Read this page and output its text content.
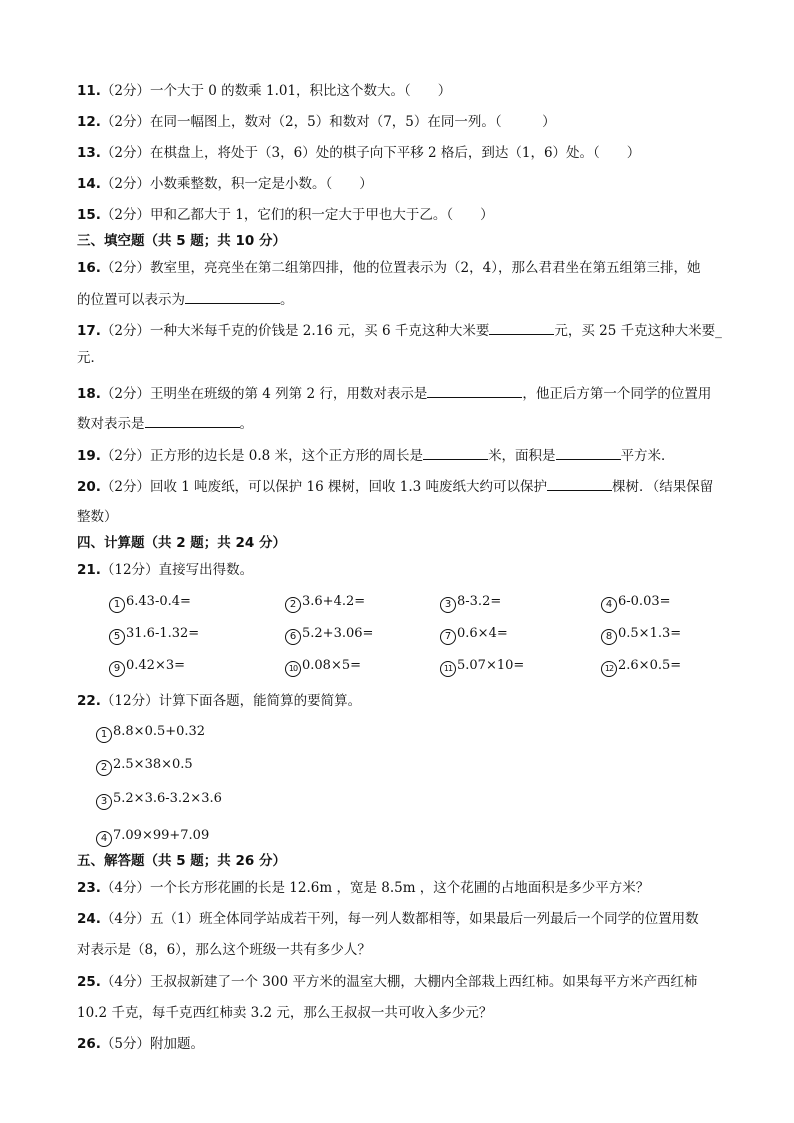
11.（2分）一个大于 0 的数乘 1.01，积比这个数大。（　　）
12.（2分）在同一幅图上，数对（2，5）和数对（7，5）在同一列。（　　　）
13.（2分）在棋盘上，将处于（3，6）处的棋子向下平移 2 格后，到达（1，6）处。（　　）
14.（2分）小数乘整数，积一定是小数。（　　）
15.（2分）甲和乙都大于 1，它们的积一定大于甲也大于乙。（　　）
三、填空题（共 5 题；共 10 分）
16.（2分）教室里，亮亮坐在第二组第四排，他的位置表示为（2，4），那么君君坐在第五组第三排，她
的位置可以表示为	。
17.（2分）一种大米每千克的价钱是 2.16 元，买 6 千克这种大米要	元，买 25 千克这种大米要_
元．
18.（2分）王明坐在班级的第 4 列第 2 行，用数对表示是	，他正后方第一个同学的位置用
数对表示是	。
19.（2分）正方形的边长是 0.8 米，这个正方形的周长是	米，面积是	平方米．
20.（2分）回收 1 吨废纸，可以保护 16 棵树，回收 1.3 吨废纸大约可以保护	棵树．（结果保留
整数）
四、计算题（共 2 题；共 24 分）
21.（12分）直接写出得数。
1 6.43-0.4=	2 3.6+4.2=	3 8-3.2=	4 6-0.03=
5 31.6-1.32=	6 5.2+3.06=	7 0.6×4=	8 0.5×1.3=
9 0.42×3=	10 0.08×5=	11 5.07×10=	12 2.6×0.5=
22.（12分）计算下面各题，能简算的要简算。
1 8.8×0.5+0.32
2 2.5×38×0.5
3 5.2×3.6-3.2×3.6
4 7.09×99+7.09
五、解答题（共 5 题；共 26 分）
23.（4分）一个长方形花圃的长是 12.6m ，宽是 8.5m ，这个花圃的占地面积是多少平方米？
24.（4分）五（1）班全体同学站成若干列，每一列人数都相等，如果最后一列最后一个同学的位置用数
对表示是（8，6），那么这个班级一共有多少人？
25.（4分）王叔叔新建了一个 300 平方米的温室大棚，大棚内全部栽上西红柿。如果每平方米产西红柿
10.2 千克，每千克西红柿卖 3.2 元，那么王叔叔一共可收入多少元？
26.（5分）附加题。
